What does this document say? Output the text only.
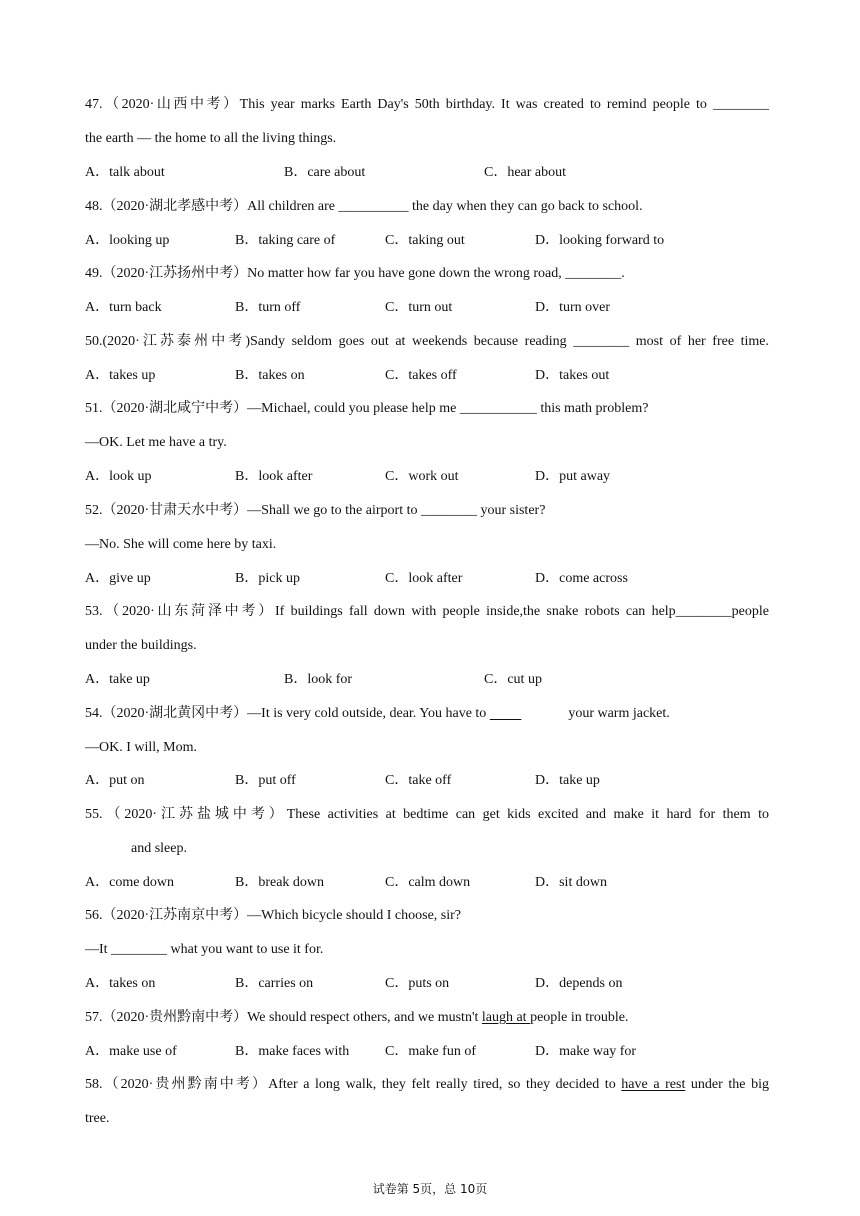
47.（2020·山西中考）This year marks Earth Day's 50th birthday. It was created to remind people to ________
the earth — the home to all the living things.
A．talk about	B．care about	C．hear about
48.（2020·湖北孝感中考）All children are __________ the day when they can go back to school.
A．looking up	B．taking care of	C．taking out	D．looking forward to
49.（2020·江苏扬州中考）No matter how far you have gone down the wrong road, ________.
A．turn back	B．turn off	C．turn out	D．turn over
50.(2020·江苏泰州中考)Sandy seldom goes out at weekends because reading ________ most of her free time.
A．takes up	B．takes on	C．takes off	D．takes out
51.（2020·湖北咸宁中考）—Michael, could you please help me ___________ this math problem?
—OK. Let me have a try.
A．look up	B．look after	C．work out	D．put away
52.（2020·甘肃天水中考）—Shall we go to the airport to ________ your sister?
—No. She will come here by taxi.
A．give up	B．pick up	C．look after	D．come across
53.（2020·山东菏泽中考）If buildings fall down with people inside,the snake robots can help________people
under the buildings.
A．take up	B．look for	C．cut up
54.（2020·湖北黄冈中考）—It is very cold outside, dear. You have to	your warm jacket.
—OK. I will, Mom.
A．put on	B．put off	C．take off	D．take up
55.（2020·江苏盐城中考）These activities at bedtime can get kids excited and make it hard for them to
and sleep.
A．come down	B．break down	C．calm down	D．sit down
56.（2020·江苏南京中考）—Which bicycle should I choose, sir?
—It ________ what you want to use it for.
A．takes on	B．carries on	C．puts on	D．depends on
57.（2020·贵州黔南中考）We should respect others, and we mustn't laugh at people in trouble.
A．make use of	B．make faces with	C．make fun of	D．make way for
58.（2020·贵州黔南中考）After a long walk, they felt really tired, so they decided to have a rest under the big
tree.
试卷第 5页，总 10页
